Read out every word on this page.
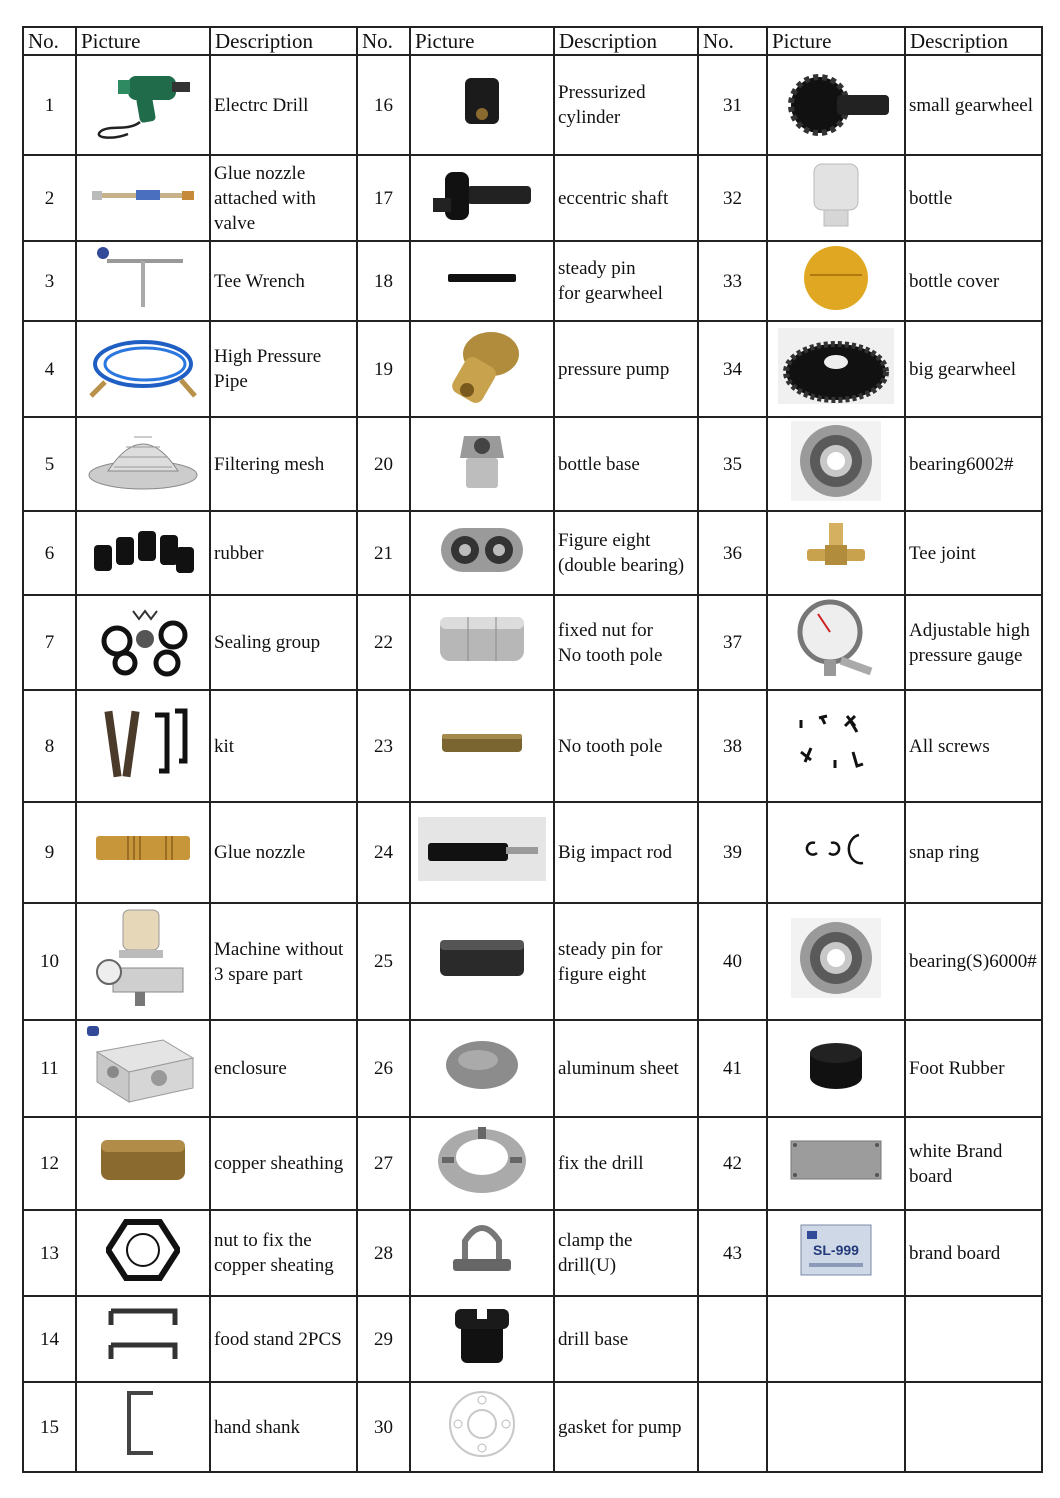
No.	Picture	Description	No.	Picture	Description	No.	Picture	Description
1		Electrc Drill	16		Pressurized
cylinder	31		small gearwheel
2		Glue nozzle
attached with
valve	17		eccentric shaft	32		bottle
3		Tee Wrench	18		steady pin
for gearwheel	33		bottle cover
4		High Pressure
Pipe	19		pressure pump	34		big gearwheel
5		Filtering mesh	20		bottle base	35		bearing6002#
6		rubber	21		Figure eight
(double bearing)	36		Tee joint
7		Sealing group	22		fixed nut for
No tooth pole	37		Adjustable high
pressure gauge
8		kit	23		No tooth pole	38		All screws
9		Glue nozzle	24		Big impact rod	39		snap ring
10		Machine without
3 spare part	25		steady pin for
figure eight	40		bearing(S)6000#
11		enclosure	26		aluminum sheet	41		Foot Rubber
12		copper sheathing	27		fix the drill	42		white Brand
board
13		nut to fix the
copper sheating	28		clamp the drill(U)	43	SL-999	brand board
14		food stand 2PCS	29		drill base			
15		hand shank	30		gasket for pump			
